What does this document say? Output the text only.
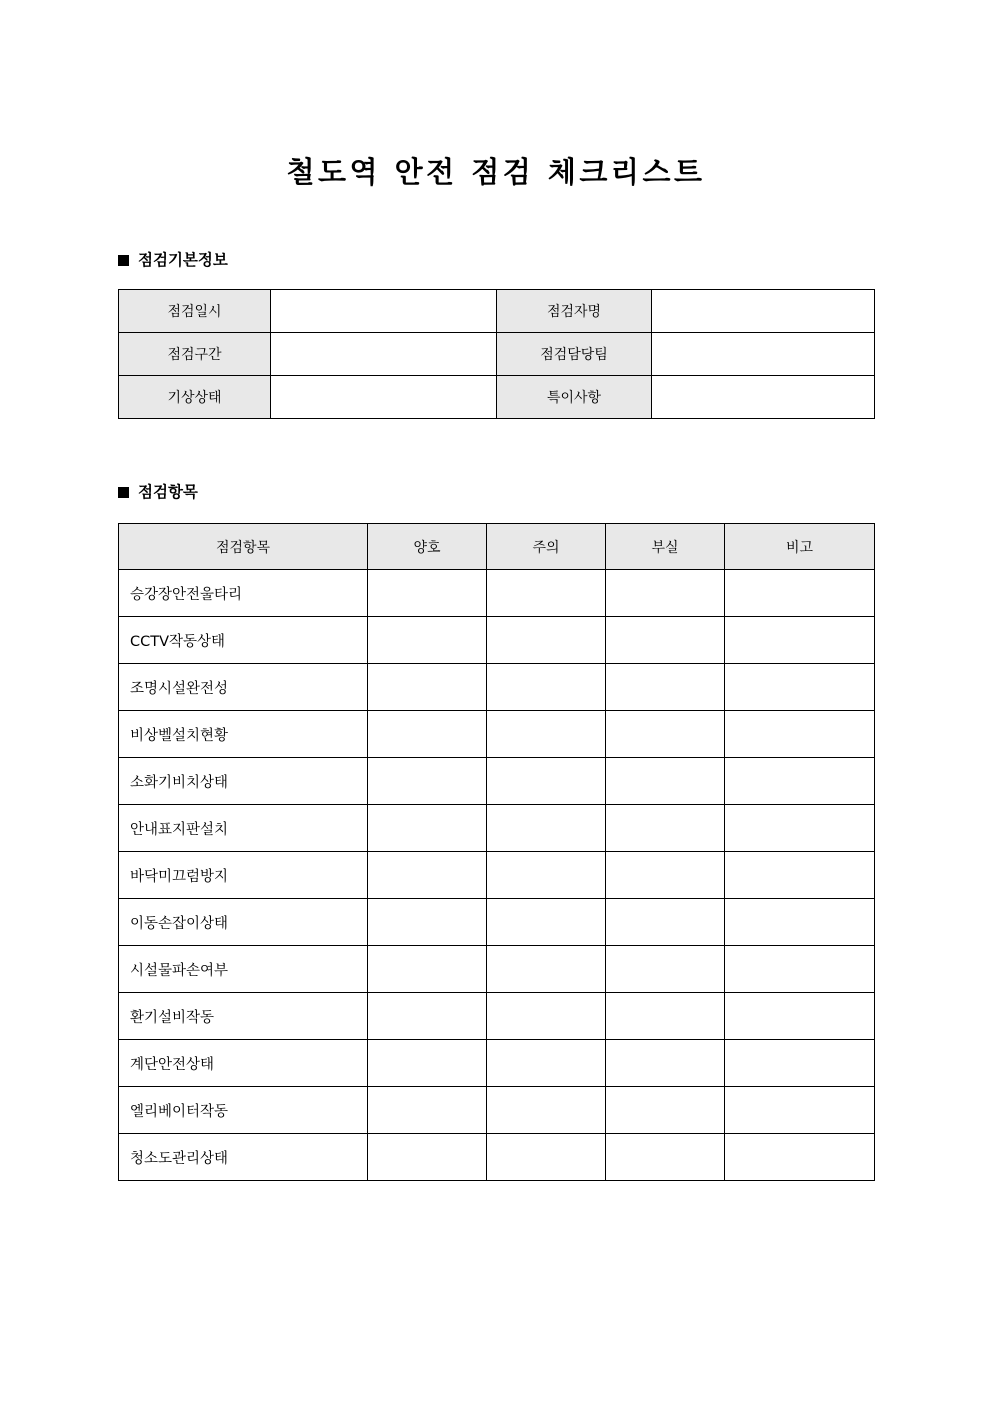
철도역 안전 점검 체크리스트
점검기본정보
점검일시		점검자명	
점검구간		점검담당팀	
기상상태		특이사항	
점검항목
점검항목	양호	주의	부실	비고
승강장안전울타리				
CCTV작동상태				
조명시설완전성				
비상벨설치현황				
소화기비치상태				
안내표지판설치				
바닥미끄럼방지				
이동손잡이상태				
시설물파손여부				
환기설비작동				
계단안전상태				
엘리베이터작동				
청소도관리상태				
